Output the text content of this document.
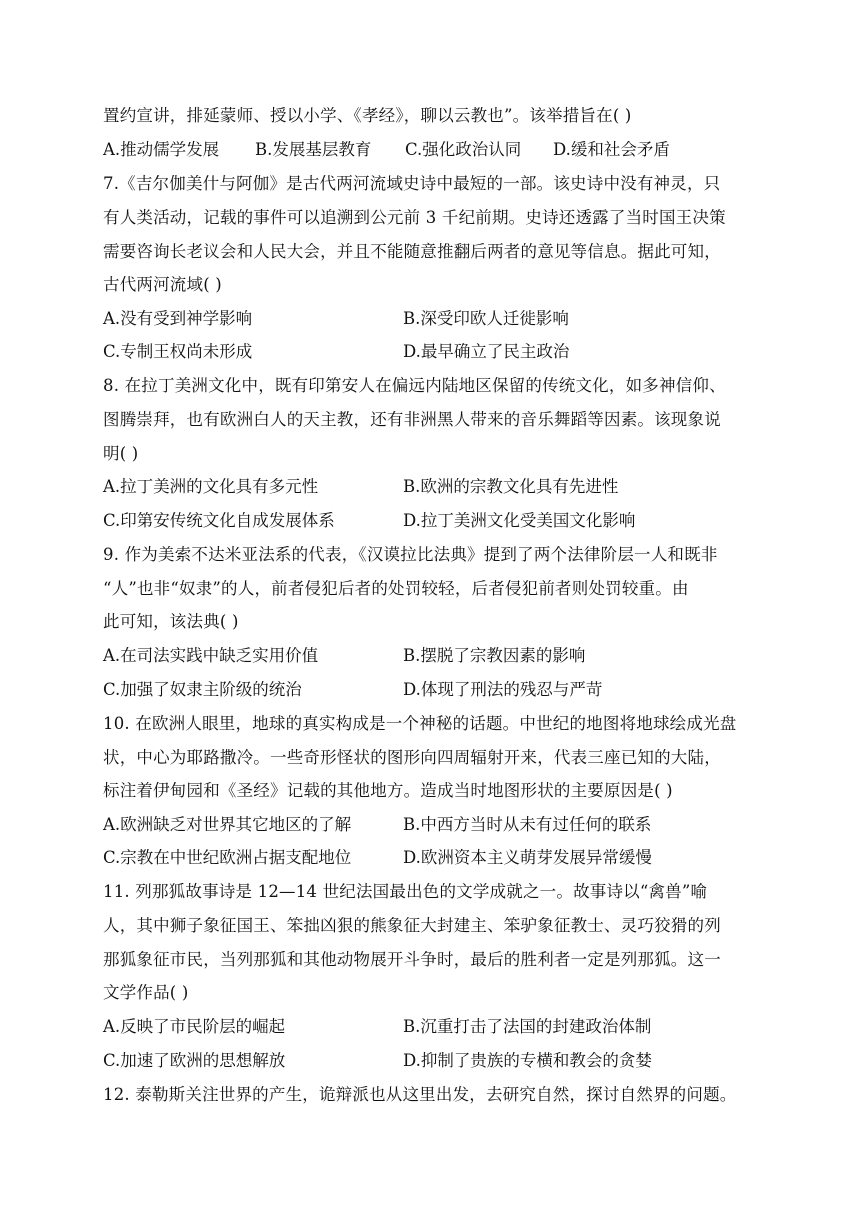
置约宣讲，排延蒙师、授以小学、《孝经》，聊以云教也”。该举措旨在( )
A.推动儒学发展 B.发展基层教育 C.强化政治认同 D.缓和社会矛盾
7.《吉尔伽美什与阿伽》是古代两河流域史诗中最短的一部。该史诗中没有神灵，只
有人类活动，记载的事件可以追溯到公元前 3 千纪前期。史诗还透露了当时国王决策
需要咨询长老议会和人民大会，并且不能随意推翻后两者的意见等信息。据此可知，
古代两河流域( )
A.没有受到神学影响	B.深受印欧人迁徙影响
C.专制王权尚未形成	D.最早确立了民主政治
8. 在拉丁美洲文化中，既有印第安人在偏远内陆地区保留的传统文化，如多神信仰、
图腾崇拜，也有欧洲白人的天主教，还有非洲黑人带来的音乐舞蹈等因素。该现象说
明( )
A.拉丁美洲的文化具有多元性	B.欧洲的宗教文化具有先进性
C.印第安传统文化自成发展体系	D.拉丁美洲文化受美国文化影响
9. 作为美索不达米亚法系的代表，《汉谟拉比法典》提到了两个法律阶层一人和既非
“人”也非“奴隶”的人，前者侵犯后者的处罚较轻，后者侵犯前者则处罚较重。由
此可知，该法典( )
A.在司法实践中缺乏实用价值	B.摆脱了宗教因素的影响
C.加强了奴隶主阶级的统治	D.体现了刑法的残忍与严苛
10. 在欧洲人眼里，地球的真实构成是一个神秘的话题。中世纪的地图将地球绘成光盘
状，中心为耶路撒冷。一些奇形怪状的图形向四周辐射开来，代表三座已知的大陆，
标注着伊甸园和《圣经》记载的其他地方。造成当时地图形状的主要原因是( )
A.欧洲缺乏对世界其它地区的了解	B.中西方当时从未有过任何的联系
C.宗教在中世纪欧洲占据支配地位	D.欧洲资本主义萌芽发展异常缓慢
11. 列那狐故事诗是 12—14 世纪法国最出色的文学成就之一。故事诗以“禽兽”喻
人，其中狮子象征国王、笨拙凶狠的熊象征大封建主、笨驴象征教士、灵巧狡猾的列
那狐象征市民，当列那狐和其他动物展开斗争时，最后的胜利者一定是列那狐。这一
文学作品( )
A.反映了市民阶层的崛起	B.沉重打击了法国的封建政治体制
C.加速了欧洲的思想解放	D.抑制了贵族的专横和教会的贪婪
12. 泰勒斯关注世界的产生，诡辩派也从这里出发，去研究自然，探讨自然界的问题。
